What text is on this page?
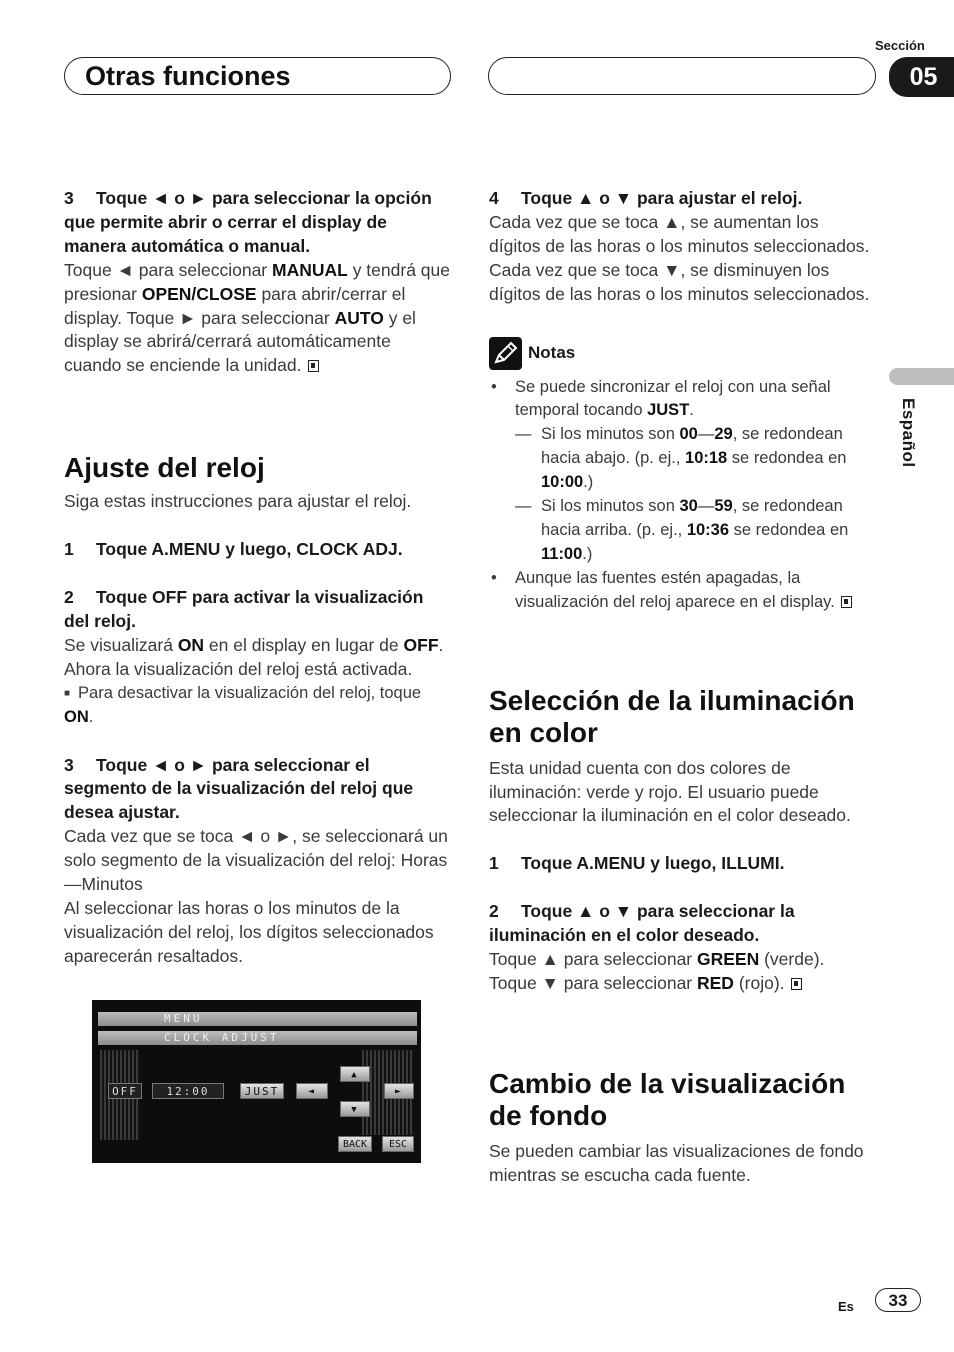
Otras funciones
Sección
05
Español

3 Toque ◄ o ► para seleccionar la opción que permite abrir o cerrar el display de manera automática o manual.

Toque ◄ para seleccionar MANUAL y tendrá que presionar OPEN/CLOSE para abrir/cerrar el display. Toque ► para seleccionar AUTO y el display se abrirá/cerrará automáticamente cuando se enciende la unidad.

Ajuste del reloj

Siga estas instrucciones para ajustar el reloj.

1 Toque A.MENU y luego, CLOCK ADJ.

2 Toque OFF para activar la visualización del reloj.

Se visualizará ON en el display en lugar de OFF. Ahora la visualización del reloj está activada.

■ Para desactivar la visualización del reloj, toque ON.

3 Toque ◄ o ► para seleccionar el segmento de la visualización del reloj que desea ajustar.

Cada vez que se toca ◄ o ►, se seleccionará un solo segmento de la visualización del reloj: Horas—Minutos

Al seleccionar las horas o los minutos de la visualización del reloj, los dígitos seleccionados aparecerán resaltados.

MENU
CLOCK ADJUST
OFF	12:00	JUST	◄
▲
▼
►
BACK	ESC

4 Toque ▲ o ▼ para ajustar el reloj.

Cada vez que se toca ▲, se aumentan los dígitos de las horas o los minutos seleccionados. Cada vez que se toca ▼, se disminuyen los dígitos de las horas o los minutos seleccionados.

Notas

• Se puede sincronizar el reloj con una señal temporal tocando JUST.

— Si los minutos son 00—29, se redondean hacia abajo. (p. ej., 10:18 se redondea en 10:00.)

— Si los minutos son 30—59, se redondean hacia arriba. (p. ej., 10:36 se redondea en 11:00.)

• Aunque las fuentes estén apagadas, la visualización del reloj aparece en el display.

Selección de la iluminación en color

Esta unidad cuenta con dos colores de iluminación: verde y rojo. El usuario puede seleccionar la iluminación en el color deseado.

1 Toque A.MENU y luego, ILLUMI.

2 Toque ▲ o ▼ para seleccionar la iluminación en el color deseado.

Toque ▲ para seleccionar GREEN (verde).

Toque ▼ para seleccionar RED (rojo).

Cambio de la visualización de fondo

Se pueden cambiar las visualizaciones de fondo mientras se escucha cada fuente.

Es	33
